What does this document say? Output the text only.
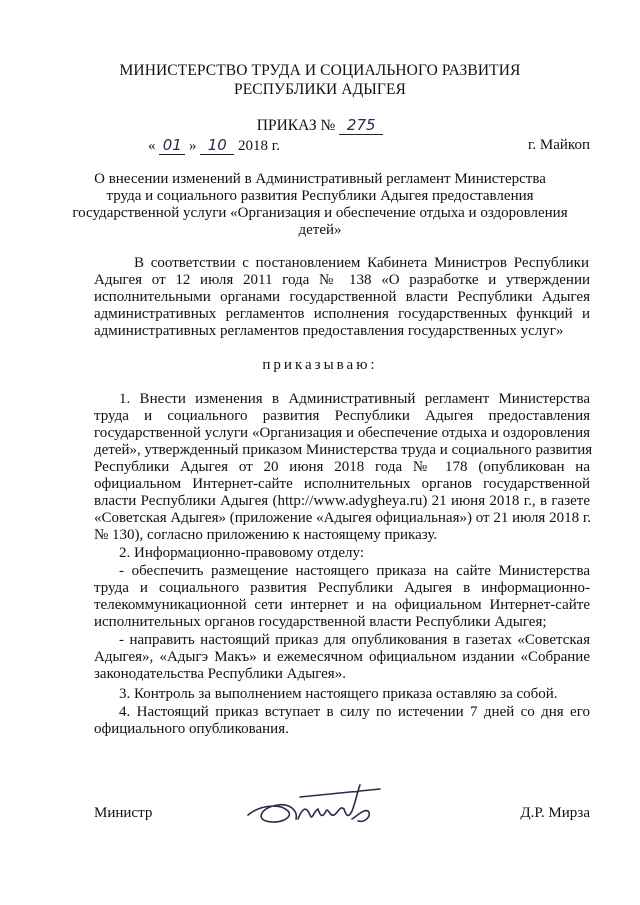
МИНИСТЕРСТВО ТРУДА И СОЦИАЛЬНОГО РАЗВИТИЯ
РЕСПУБЛИКИ АДЫГЕЯ
ПРИКАЗ № 275
« 01 » 10 2018 г.	г. Майкоп
О внесении изменений в Административный регламент Министерства
труда и социального развития Республики Адыгея предоставления
государственной услуги «Организация и обеспечение отдыха и оздоровления
детей»
В соответствии с постановлением Кабинета Министров Республики
Адыгея от 12 июля 2011 года № 138 «О разработке и утверждении
исполнительными органами государственной власти Республики Адыгея
административных регламентов исполнения государственных функций и
административных регламентов предоставления государственных услуг»
приказываю:
1. Внести изменения в Административный регламент Министерства
труда и социального развития Республики Адыгея предоставления
государственной услуги «Организация и обеспечение отдыха и оздоровления
детей», утвержденный приказом Министерства труда и социального развития
Республики Адыгея от 20 июня 2018 года № 178 (опубликован на
официальном Интернет-сайте исполнительных органов государственной
власти Республики Адыгея (http://www.adygheya.ru) 21 июня 2018 г., в газете
«Советская Адыгея» (приложение «Адыгея официальная») от 21 июля 2018 г.
№ 130), согласно приложению к настоящему приказу.
2. Информационно-правовому отделу:
- обеспечить размещение настоящего приказа на сайте Министерства
труда и социального развития Республики Адыгея в информационно-
телекоммуникационной сети интернет и на официальном Интернет-сайте
исполнительных органов государственной власти Республики Адыгея;
- направить настоящий приказ для опубликования в газетах «Советская
Адыгея», «Адыгэ Макъ» и ежемесячном официальном издании «Собрание
законодательства Республики Адыгея».
3. Контроль за выполнением настоящего приказа оставляю за собой.
4. Настоящий приказ вступает в силу по истечении 7 дней со дня его
официального опубликования.
Министр	Д.Р. Мирза
